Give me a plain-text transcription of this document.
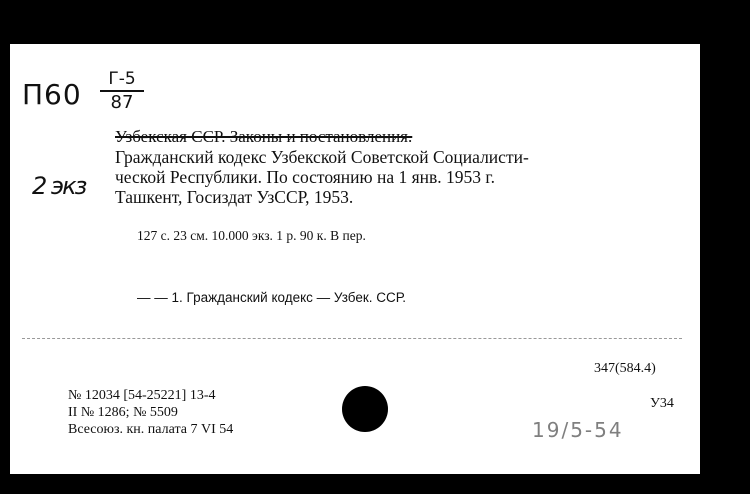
П60	Г-5
87
2 экз
Узбекская ССР. Законы и постановления.
Гражданский кодекс Узбекской Советской Социалисти-
ческой Республики. По состоянию на 1 янв. 1953 г.
Ташкент, Госиздат УзССР, 1953.
127 с. 23 см. 10.000 экз. 1 р. 90 к. В пер.
— — 1. Гражданский кодекс — Узбек. ССР.
№ 12034 [54-25221] 13-4
II № 1286; № 5509
Всесоюз. кн. палата 7 VI 54
347(584.4)
У34
19/5-54
